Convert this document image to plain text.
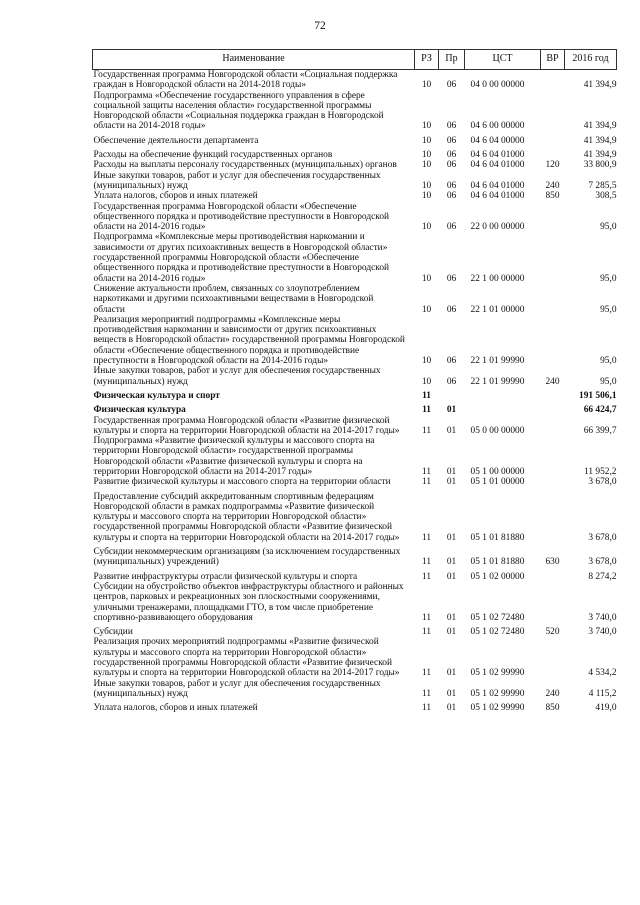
72
Наименование	РЗ	Пр	ЦСТ	ВР	2016 год
Государственная программа Новгородской области «Социальная поддержка граждан в Новгородской области на 2014-2018 годы»	10	06	04 0 00 00000		41 394,9
Подпрограмма «Обеспечение государственного управления в сфере социальной защиты населения области» государственной программы Новгородской области «Социальная поддержка граждан в Новгородской области на 2014-2018 годы»	10	06	04 6 00 00000		41 394,9
Обеспечение деятельности департамента	10	06	04 6 04 00000		41 394,9
Расходы на обеспечение функций государственных органов	10	06	04 6 04 01000		41 394,9
Расходы на выплаты персоналу государственных (муниципальных) органов	10	06	04 6 04 01000	120	33 800,9
Иные закупки товаров, работ и услуг для обеспечения государственных (муниципальных) нужд	10	06	04 6 04 01000	240	7 285,5
Уплата налогов, сборов и иных платежей	10	06	04 6 04 01000	850	308,5
Государственная программа Новгородской области «Обеспечение общественного порядка и противодействие преступности в Новгородской области на 2014-2016 годы»	10	06	22 0 00 00000		95,0
Подпрограмма «Комплексные меры противодействия наркомании и зависимости от других психоактивных веществ в Новгородской области» государственной программы Новгородской области «Обеспечение общественного порядка и противодействие преступности в Новгородской области на 2014-2016 годы»	10	06	22 1 00 00000		95,0
Снижение актуальности проблем, связанных со злоупотреблением наркотиками и другими психоактивными веществами в Новгородской области	10	06	22 1 01 00000		95,0
Реализация мероприятий подпрограммы «Комплексные меры противодействия наркомании и зависимости от других психоактивных веществ в Новгородской области» государственной программы Новгородской области «Обеспечение общественного порядка и противодействие преступности в Новгородской области на 2014-2016 годы»	10	06	22 1 01 99990		95,0
Иные закупки товаров, работ и услуг для обеспечения государственных (муниципальных) нужд	10	06	22 1 01 99990	240	95,0
Физическая культура и спорт	11				191 506,1
Физическая культура	11	01			66 424,7
Государственная программа Новгородской области «Развитие физической культуры и спорта на территории Новгородской области на 2014-2017 годы»	11	01	05 0 00 00000		66 399,7
Подпрограмма «Развитие физической культуры и массового спорта на территории Новгородской области» государственной программы Новгородской области «Развитие физической культуры и спорта на территории Новгородской области на 2014-2017 годы»	11	01	05 1 00 00000		11 952,2
Развитие физической культуры и массового спорта на территории области	11	01	05 1 01 00000		3 678,0
Предоставление субсидий аккредитованным спортивным федерациям Новгородской области в рамках подпрограммы «Развитие физической культуры и массового спорта на территории Новгородской области» государственной программы Новгородской области «Развитие физической культуры и спорта на территории Новгородской области на 2014-2017 годы»	11	01	05 1 01 81880		3 678,0
Субсидии некоммерческим организациям (за исключением государственных (муниципальных) учреждений)	11	01	05 1 01 81880	630	3 678,0
Развитие инфраструктуры отрасли физической культуры и спорта	11	01	05 1 02 00000		8 274,2
Субсидии на обустройство объектов инфраструктуры областного и районных центров, парковых и рекреационных зон плоскостными сооружениями, уличными тренажерами, площадками ГТО, в том числе приобретение спортивно-развивающего оборудования	11	01	05 1 02 72480		3 740,0
Субсидии	11	01	05 1 02 72480	520	3 740,0
Реализация прочих мероприятий подпрограммы «Развитие физической культуры и массового спорта на территории Новгородской области» государственной программы Новгородской области «Развитие физической культуры и спорта на территории Новгородской области на 2014-2017 годы»	11	01	05 1 02 99990		4 534,2
Иные закупки товаров, работ и услуг для обеспечения государственных (муниципальных) нужд	11	01	05 1 02 99990	240	4 115,2
Уплата налогов, сборов и иных платежей	11	01	05 1 02 99990	850	419,0
